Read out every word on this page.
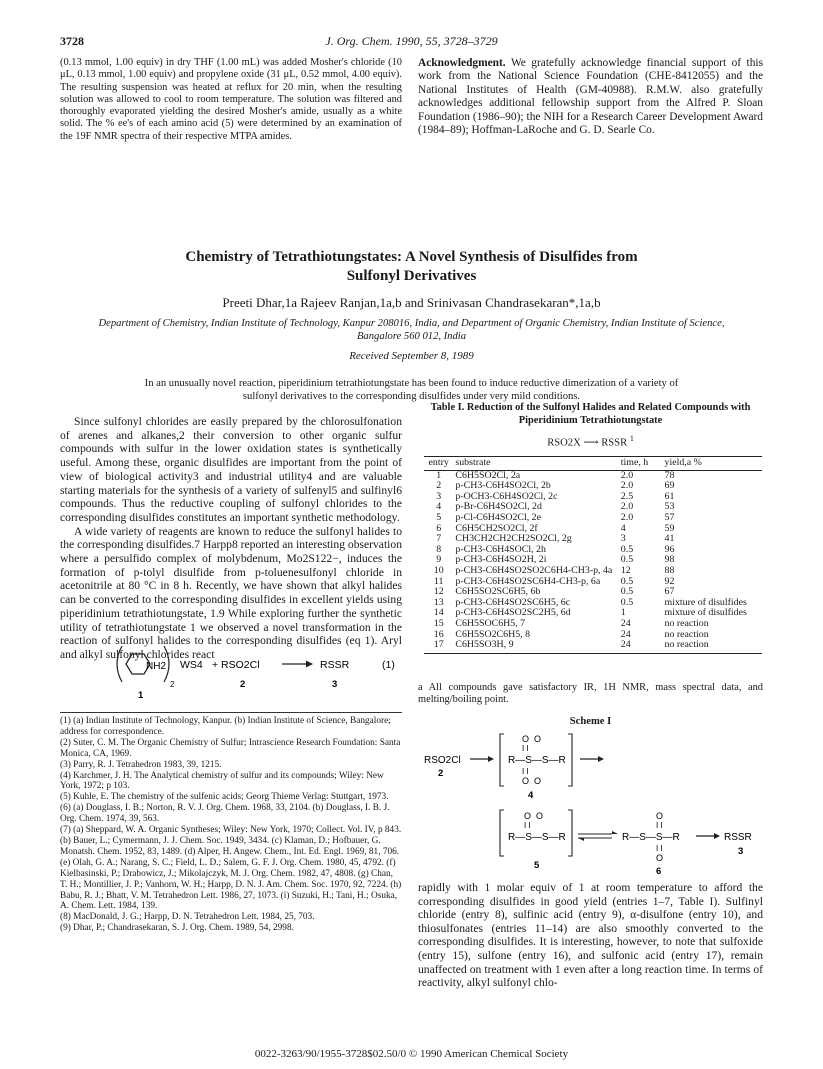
3728	J. Org. Chem. 1990, 55, 3728–3729
(0.13 mmol, 1.00 equiv) in dry THF (1.00 mL) was added Mosher's chloride (10 μL, 0.13 mmol, 1.00 equiv) and propylene oxide (31 μL, 0.52 mmol, 4.00 equiv). The resulting suspension was heated at reflux for 20 min, when the resulting solution was allowed to cool to room temperature. The solution was filtered and thoroughly evaporated yielding the desired Mosher's amide, usually as a white solid. The % ee's of each amino acid (5) were determined by an examination of the 19F NMR spectra of their respective MTPA amides.
Acknowledgment. We gratefully acknowledge financial support of this work from the National Science Foundation (CHE-8412055) and the National Institutes of Health (GM-40988). R.M.W. also gratefully acknowledges additional fellowship support from the Alfred P. Sloan Foundation (1986–90); the NIH for a Research Career Development Award (1984–89); Hoffman-LaRoche and G. D. Searle Co.
Chemistry of Tetrathiotungstates: A Novel Synthesis of Disulfides from
Sulfonyl Derivatives
Preeti Dhar,1a Rajeev Ranjan,1a,b and Srinivasan Chandrasekaran*,1a,b
Department of Chemistry, Indian Institute of Technology, Kanpur 208016, India, and Department of Organic Chemistry, Indian Institute of Science, Bangalore 560 012, India
Received September 8, 1989
In an unusually novel reaction, piperidinium tetrathiotungstate has been found to induce reductive dimerization of a variety of sulfonyl derivatives to the corresponding disulfides under very mild conditions.

Since sulfonyl chlorides are easily prepared by the chlorosulfonation of arenes and alkanes,2 their conversion to other organic sulfur compounds with sulfur in the lower oxidation states is synthetically useful. Among these, organic disulfides are important from the point of view of biological activity3 and industrial utility4 and are valuable starting materials for the synthesis of a variety of sulfenyl5 and sulfinyl6 compounds. Thus the reductive coupling of sulfonyl chlorides to the corresponding disulfides constitutes an important synthetic methodology.

A wide variety of reagents are known to reduce the sulfonyl halides to the corresponding disulfides.7 Harpp8 reported an interesting observation where a persulfido complex of molybdenum, Mo2S122−, induces the formation of p-tolyl disulfide from p-toluenesulfonyl chloride in acetonitrile at 80 °C in 8 h. Recently, we have shown that alkyl halides can be converted to the corresponding disulfides in excellent yields using piperidinium tetrathiotungstate, 1.9 While exploring further the synthetic utility of tetrathiotungstate 1 we observed a novel transformation in the reaction of sulfonyl halides to the corresponding disulfides (eq 1). Aryl and alkyl sulfonyl chlorides react

NH2
2
WS4 + RSO2Cl	RSSR	(1)
1
2	3

(1) (a) Indian Institute of Technology, Kanpur. (b) Indian Institute of Science, Bangalore; address for correspondence.

(2) Suter, C. M. The Organic Chemistry of Sulfur; Intrascience Research Foundation: Santa Monica, CA, 1969.

(3) Parry, R. J. Tetrahedron 1983, 39, 1215.

(4) Karchmer, J. H. The Analytical chemistry of sulfur and its compounds; Wiley: New York, 1972; p 103.

(5) Kuhle, E. The chemistry of the sulfenic acids; Georg Thieme Verlag: Stuttgart, 1973.

(6) (a) Douglass, I. B.; Norton, R. V. J. Org. Chem. 1968, 33, 2104. (b) Douglass, I. B. J. Org. Chem. 1974, 39, 563.

(7) (a) Sheppard, W. A. Organic Syntheses; Wiley: New York, 1970; Collect. Vol. IV, p 843. (b) Bauer, L.; Cymermann, J. J. Chem. Soc. 1949, 3434. (c) Klaman, D.; Hofbauer, G. Monatsh. Chem. 1952, 83, 1489. (d) Alper, H. Angew. Chem., Int. Ed. Engl. 1969, 81, 706. (e) Olah, G. A.; Narang, S. C.; Field, L. D.; Salem, G. F. J. Org. Chem. 1980, 45, 4792. (f) Kielbasinski, P.; Drabowicz, J.; Mikolajczyk, M. J. Org. Chem. 1982, 47, 4808. (g) Chan, T. H.; Montillier, J. P.; Vanhorn, W. H.; Harpp, D. N. J. Am. Chem. Soc. 1970, 92, 7224. (h) Babu, R. J.; Bhatt, V. M. Tetrahedron Lett. 1986, 27, 1073. (i) Suzuki, H.; Tani, H.; Osuka, A. Chem. Lett. 1984, 139.

(8) MacDonald, J. G.; Harpp, D. N. Tetrahedron Lett. 1984, 25, 703.

(9) Dhar, P.; Chandrasekaran, S. J. Org. Chem. 1989, 54, 2998.

Table I. Reduction of the Sulfonyl Halides and Related Compounds with Piperidinium Tetrathiotungstate
RSO2X ⟶ RSSR $^1$
entry	substrate	time, h	yield,a %
1	C6H5SO2Cl, 2a	2.0	78
2	p-CH3-C6H4SO2Cl, 2b	2.0	69
3	p-OCH3-C6H4SO2Cl, 2c	2.5	61
4	p-Br-C6H4SO2Cl, 2d	2.0	53
5	p-Cl-C6H4SO2Cl, 2e	2.0	57
6	C6H5CH2SO2Cl, 2f	4	59
7	CH3CH2CH2CH2SO2Cl, 2g	3	41
8	p-CH3-C6H4SOCl, 2h	0.5	96
9	p-CH3-C6H4SO2H, 2i	0.5	98
10	p-CH3-C6H4SO2SO2C6H4-CH3-p, 4a	12	88
11	p-CH3-C6H4SO2SC6H4-CH3-p, 6a	0.5	92
12	C6H5SO2SC6H5, 6b	0.5	67
13	p-CH3-C6H4SO2SC6H5, 6c	0.5	mixture of disulfides
14	p-CH3-C6H4SO2SC2H5, 6d	1	mixture of disulfides
15	C6H5SOC6H5, 7	24	no reaction
16	C6H5SO2C6H5, 8	24	no reaction
17	C6H5SO3H, 9	24	no reaction
a All compounds gave satisfactory IR, 1H NMR, mass spectral data, and melting/boiling point.
Scheme I
RSO2Cl
2
O O
I I
R—S—S—R
I I
O O
4
O O
I I
R—S—S—R
5
O
I I
R—S—S—R
I I
O
6
RSSR
3
rapidly with 1 molar equiv of 1 at room temperature to afford the corresponding disulfides in good yield (entries 1–7, Table I). Sulfinyl chloride (entry 8), sulfinic acid (entry 9), α-disulfone (entry 10), and thiosulfonates (entries 11–14) are also smoothly converted to the corresponding disulfides. It is interesting, however, to note that sulfoxide (entry 15), sulfone (entry 16), and sulfonic acid (entry 17), remain unaffected on treatment with 1 even after a long reaction time. In terms of reactivity, alkyl sulfonyl chlo-
0022-3263/90/1955-3728$02.50/0 © 1990 American Chemical Society
